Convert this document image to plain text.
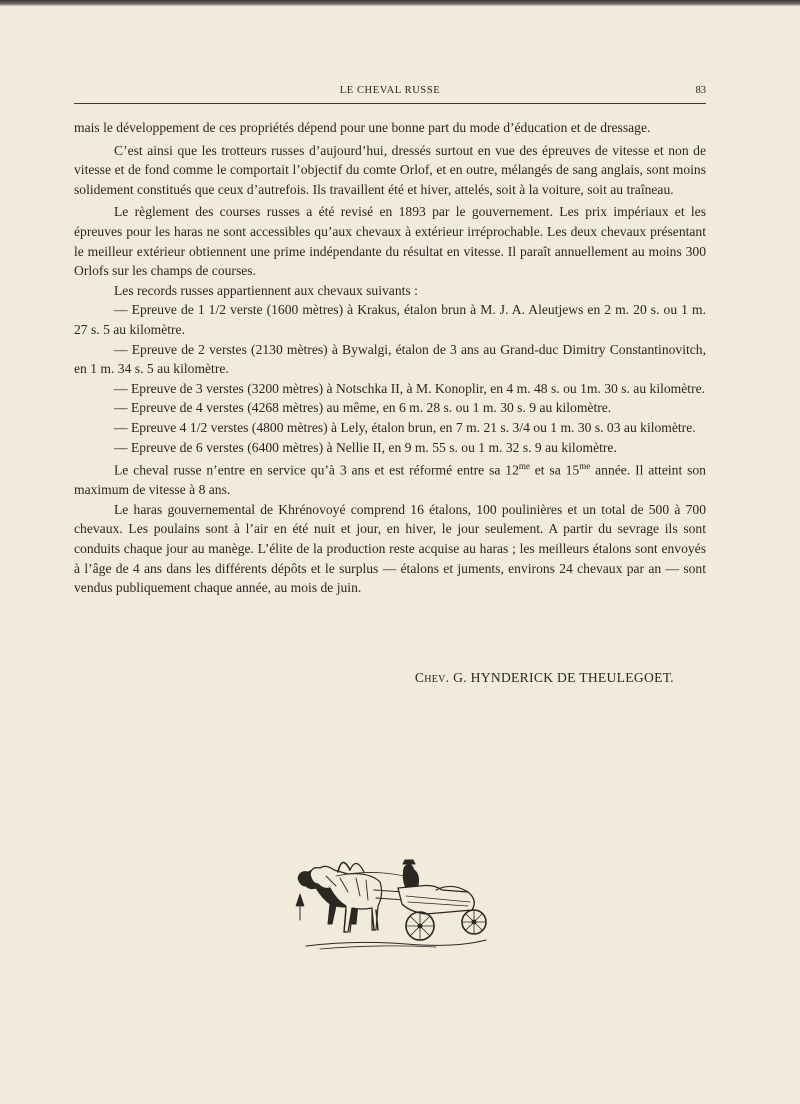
LE CHEVAL RUSSE	83

mais le développement de ces propriétés dépend pour une bonne part du mode d’éducation et de dressage.

C’est ainsi que les trotteurs russes d’aujourd’hui, dressés surtout en vue des épreuves de vitesse et non de vitesse et de fond comme le comportait l’objectif du comte Orlof, et en outre, mélangés de sang anglais, sont moins solidement constitués que ceux d’autrefois. Ils travaillent été et hiver, attelés, soit à la voiture, soit au traîneau.

Le règlement des courses russes a été revisé en 1893 par le gouvernement. Les prix impériaux et les épreuves pour les haras ne sont accessibles qu’aux chevaux à extérieur irréprochable. Les deux chevaux présentant le meilleur extérieur obtiennent une prime indépendante du résultat en vitesse. Il paraît annuellement au moins 300 Orlofs sur les champs de courses.

Les records russes appartiennent aux chevaux suivants :

— Epreuve de 1 1/2 verste (1600 mètres) à Krakus, étalon brun à M. J. A. Aleutjews en 2 m. 20 s. ou 1 m. 27 s. 5 au kilomètre.

— Epreuve de 2 verstes (2130 mètres) à Bywalgi, étalon de 3 ans au Grand-duc Dimitry Constantinovitch, en 1 m. 34 s. 5 au kilomètre.

— Epreuve de 3 verstes (3200 mètres) à Notschka II, à M. Konoplir, en 4 m. 48 s. ou 1m. 30 s. au kilomètre.

— Epreuve de 4 verstes (4268 mètres) au même, en 6 m. 28 s. ou 1 m. 30 s. 9 au kilomètre.

— Epreuve 4 1/2 verstes (4800 mètres) à Lely, étalon brun, en 7 m. 21 s. 3/4 ou 1 m. 30 s. 03 au kilomètre.

— Epreuve de 6 verstes (6400 mètres) à Nellie II, en 9 m. 55 s. ou 1 m. 32 s. 9 au kilomètre.

Le cheval russe n’entre en service qu’à 3 ans et est réformé entre sa $12^{me}$ et sa $15^{me}$ année. Il atteint son maximum de vitesse à 8 ans.

Le haras gouvernemental de Khrénovoyé comprend 16 étalons, 100 poulinières et un total de 500 à 700 chevaux. Les poulains sont à l’air en été nuit et jour, en hiver, le jour seulement. A partir du sevrage ils sont conduits chaque jour au manège. L’élite de la production reste acquise au haras ; les meilleurs étalons sont envoyés à l’âge de 4 ans dans les différents dépôts et le surplus — étalons et juments, environs 24 chevaux par an — sont vendus publiquement chaque année, au mois de juin.

Chev. G. HYNDERICK DE THEULEGOET.
